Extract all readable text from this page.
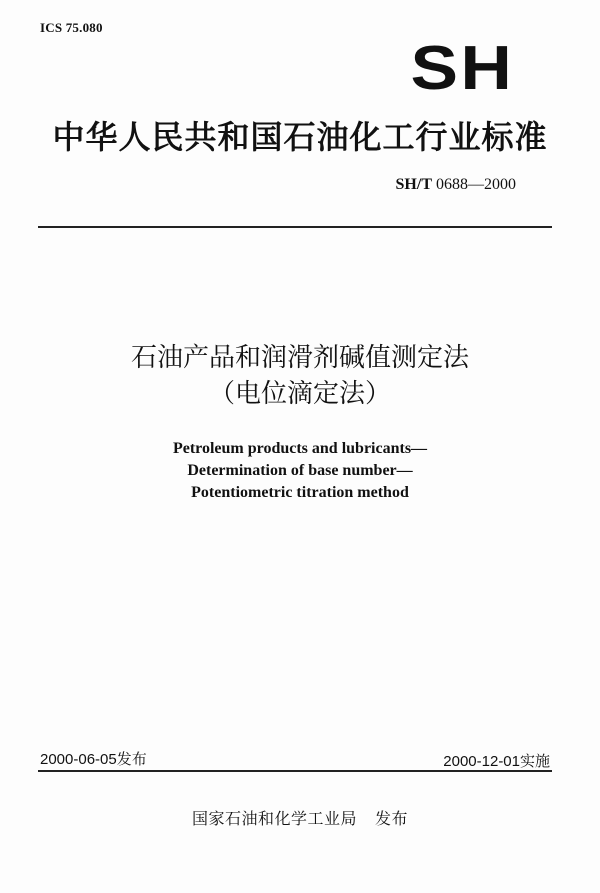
ICS 75.080
SH
中华人民共和国石油化工行业标准
SH/T 0688—2000
石油产品和润滑剂碱值测定法
（电位滴定法）
Petroleum products and lubricants—
Determination of base number—
Potentiometric titration method
2000-06-05发布	2000-12-01实施
国家石油和化学工业局 发布
